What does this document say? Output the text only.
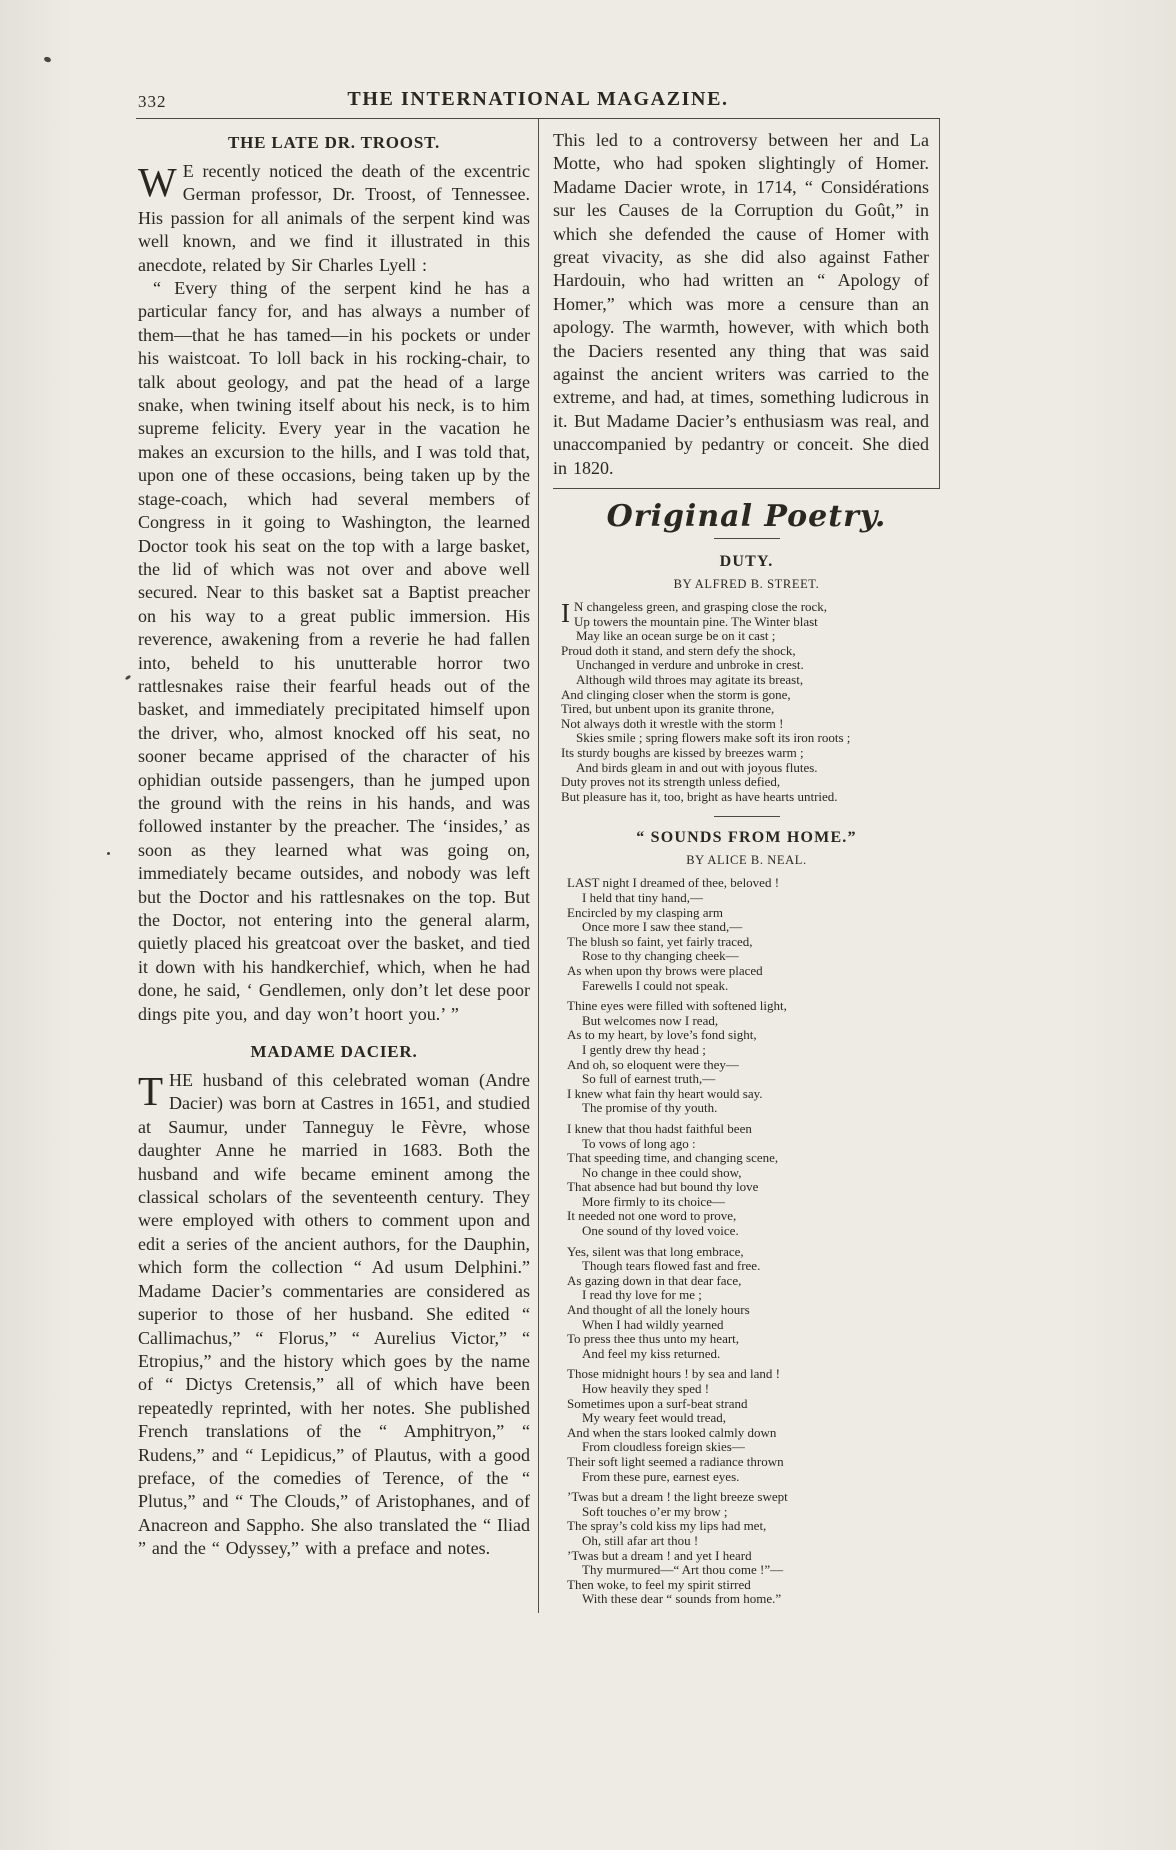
332	THE INTERNATIONAL MAGAZINE.
THE LATE DR. TROOST.

W E recently noticed the death of the excentric German professor, Dr. Troost, of Tennessee. His passion for all animals of the serpent kind was well known, and we find it illustrated in this anecdote, related by Sir Charles Lyell :

“ Every thing of the serpent kind he has a particular fancy for, and has always a number of them—that he has tamed—in his pockets or under his waistcoat. To loll back in his rocking-chair, to talk about geology, and pat the head of a large snake, when twining itself about his neck, is to him supreme felicity. Every year in the vacation he makes an excursion to the hills, and I was told that, upon one of these occasions, being taken up by the stage-coach, which had several members of Congress in it going to Washington, the learned Doctor took his seat on the top with a large basket, the lid of which was not over and above well secured. Near to this basket sat a Baptist preacher on his way to a great public immersion. His reverence, awakening from a reverie he had fallen into, beheld to his unutterable horror two rattlesnakes raise their fearful heads out of the basket, and immediately precipitated himself upon the driver, who, almost knocked off his seat, no sooner became apprised of the character of his ophidian outside passengers, than he jumped upon the ground with the reins in his hands, and was followed instanter by the preacher. The ‘insides,’ as soon as they learned what was going on, immediately became outsides, and nobody was left but the Doctor and his rattlesnakes on the top. But the Doctor, not entering into the general alarm, quietly placed his greatcoat over the basket, and tied it down with his handkerchief, which, when he had done, he said, ‘ Gendlemen, only don’t let dese poor dings pite you, and day won’t hoort you.’ ”

MADAME DACIER.

THE husband of this celebrated woman (Andre Dacier) was born at Castres in 1651, and studied at Saumur, under Tanneguy le Fèvre, whose daughter Anne he married in 1683. Both the husband and wife became eminent among the classical scholars of the seventeenth century. They were employed with others to comment upon and edit a series of the ancient authors, for the Dauphin, which form the collection “ Ad usum Delphini.” Madame Dacier’s commentaries are considered as superior to those of her husband. She edited “ Callimachus,” “ Florus,” “ Aurelius Victor,” “ Etropius,” and the history which goes by the name of “ Dictys Cretensis,” all of which have been repeatedly reprinted, with her notes. She published French translations of the “ Amphitryon,” “ Rudens,” and “ Lepidicus,” of Plautus, with a good preface, of the comedies of Terence, of the “ Plutus,” and “ The Clouds,” of Aristophanes, and of Anacreon and Sappho. She also translated the “ Iliad ” and the “ Odyssey,” with a preface and notes.

This led to a controversy between her and La Motte, who had spoken slightingly of Homer. Madame Dacier wrote, in 1714, “ Considérations sur les Causes de la Corruption du Goût,” in which she defended the cause of Homer with great vivacity, as she did also against Father Hardouin, who had written an “ Apology of Homer,” which was more a censure than an apology. The warmth, however, with which both the Daciers resented any thing that was said against the ancient writers was carried to the extreme, and had, at times, something ludicrous in it. But Madame Dacier’s enthusiasm was real, and unaccompanied by pedantry or conceit. She died in 1820.

Original Poetry.
DUTY.
BY ALFRED B. STREET.
I N changeless green, and grasping close the rock,
Up towers the mountain pine. The Winter blast
May like an ocean surge be on it cast ;
Proud doth it stand, and stern defy the shock,
Unchanged in verdure and unbroke in crest.
Although wild throes may agitate its breast,
And clinging closer when the storm is gone,
Tired, but unbent upon its granite throne,
Not always doth it wrestle with the storm !
Skies smile ; spring flowers make soft its iron roots ;
Its sturdy boughs are kissed by breezes warm ;
And birds gleam in and out with joyous flutes.
Duty proves not its strength unless defied,
But pleasure has it, too, bright as have hearts untried.
“ SOUNDS FROM HOME.”
BY ALICE B. NEAL.
LAST night I dreamed of thee, beloved !
I held that tiny hand,—
Encircled by my clasping arm
Once more I saw thee stand,—
The blush so faint, yet fairly traced,
Rose to thy changing cheek—
As when upon thy brows were placed
Farewells I could not speak.
Thine eyes were filled with softened light,
But welcomes now I read,
As to my heart, by love’s fond sight,
I gently drew thy head ;
And oh, so eloquent were they—
So full of earnest truth,—
I knew what fain thy heart would say.
The promise of thy youth.
I knew that thou hadst faithful been
To vows of long ago :
That speeding time, and changing scene,
No change in thee could show,
That absence had but bound thy love
More firmly to its choice—
It needed not one word to prove,
One sound of thy loved voice.
Yes, silent was that long embrace,
Though tears flowed fast and free.
As gazing down in that dear face,
I read thy love for me ;
And thought of all the lonely hours
When I had wildly yearned
To press thee thus unto my heart,
And feel my kiss returned.
Those midnight hours ! by sea and land !
How heavily they sped !
Sometimes upon a surf-beat strand
My weary feet would tread,
And when the stars looked calmly down
From cloudless foreign skies—
Their soft light seemed a radiance thrown
From these pure, earnest eyes.
’Twas but a dream ! the light breeze swept
Soft touches o’er my brow ;
The spray’s cold kiss my lips had met,
Oh, still afar art thou !
’Twas but a dream ! and yet I heard
Thy murmured—“ Art thou come !”—
Then woke, to feel my spirit stirred
With these dear “ sounds from home.”
